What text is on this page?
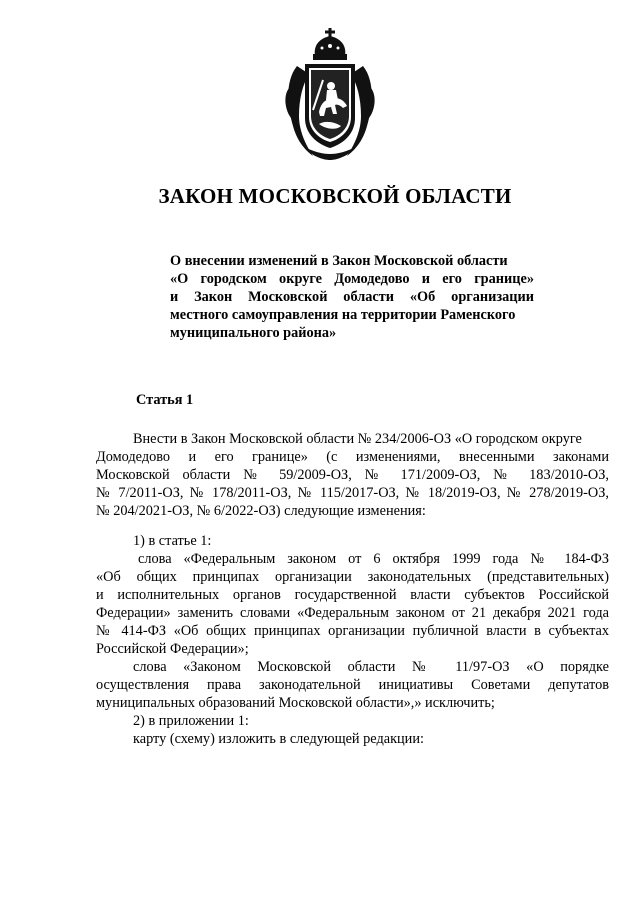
ЗАКОН МОСКОВСКОЙ ОБЛАСТИ
О внесении изменений в Закон Московской области
«О городском округе Домодедово и его границе»
и Закон Московской области «Об организации
местного самоуправления на территории Раменского
муниципального района»
Статья 1
Внести в Закон Московской области № 234/2006-ОЗ «О городском округе
Домодедово и его границе» (с изменениями, внесенными законами
Московской области № 59/2009-ОЗ, № 171/2009-ОЗ, № 183/2010-ОЗ,
№ 7/2011-ОЗ, № 178/2011-ОЗ, № 115/2017-ОЗ, № 18/2019-ОЗ, № 278/2019-ОЗ,
№ 204/2021-ОЗ, № 6/2022-ОЗ) следующие изменения:
1) в статье 1:
слова «Федеральным законом от 6 октября 1999 года № 184-ФЗ
«Об общих принципах организации законодательных (представительных)
и исполнительных органов государственной власти субъектов Российской
Федерации» заменить словами «Федеральным законом от 21 декабря 2021 года
№ 414-ФЗ «Об общих принципах организации публичной власти в субъектах
Российской Федерации»;
слова «Законом Московской области № 11/97-ОЗ «О порядке
осуществления права законодательной инициативы Советами депутатов
муниципальных образований Московской области»,» исключить;
2) в приложении 1:
карту (схему) изложить в следующей редакции:
